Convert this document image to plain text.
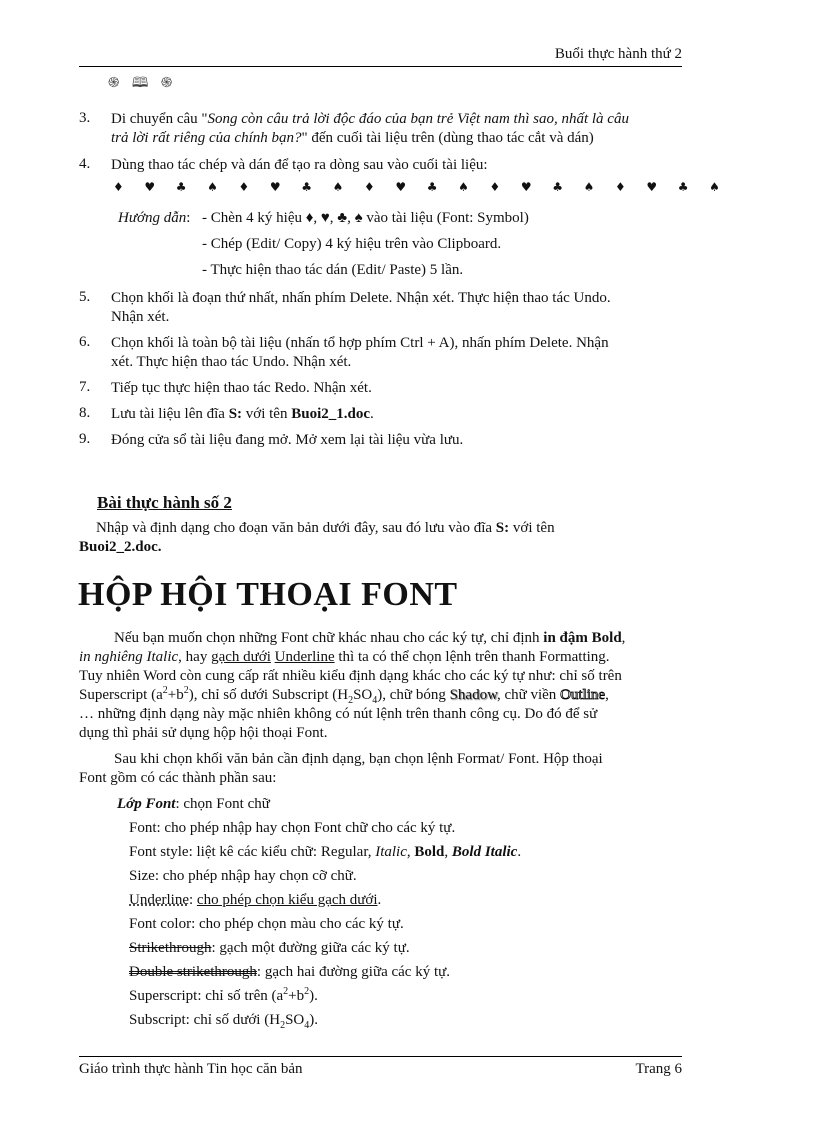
Buổi thực hành thứ 2
֍ 🕮 ֍
3. Di chuyển câu "Song còn câu trả lời độc đáo của bạn trẻ Việt nam thì sao, nhất là câu
trả lời rất riêng của chính bạn?" đến cuối tài liệu trên (dùng thao tác cắt và dán)
4. Dùng thao tác chép và dán để tạo ra dòng sau vào cuối tài liệu:
♦ ♥ ♣ ♠ ♦ ♥ ♣ ♠ ♦ ♥ ♣ ♠ ♦ ♥ ♣ ♠ ♦ ♥ ♣ ♠
Hướng dẫn: - Chèn 4 ký hiệu ♦, ♥, ♣, ♠ vào tài liệu (Font: Symbol)
- Chép (Edit/ Copy) 4 ký hiệu trên vào Clipboard.
- Thực hiện thao tác dán (Edit/ Paste) 5 lần.
5. Chọn khối là đoạn thứ nhất, nhấn phím Delete. Nhận xét. Thực hiện thao tác Undo.
Nhận xét.
6. Chọn khối là toàn bộ tài liệu (nhấn tổ hợp phím Ctrl + A), nhấn phím Delete. Nhận
xét. Thực hiện thao tác Undo. Nhận xét.
7. Tiếp tục thực hiện thao tác Redo. Nhận xét.
8. Lưu tài liệu lên đĩa S: với tên Buoi2_1.doc.
9. Đóng cửa sổ tài liệu đang mở. Mở xem lại tài liệu vừa lưu.
Bài thực hành số 2
Nhập và định dạng cho đoạn văn bản dưới đây, sau đó lưu vào đĩa S: với tên
Buoi2_2.doc.
HỘP HỘI THOẠI FONT
Nếu bạn muốn chọn những Font chữ khác nhau cho các ký tự, chỉ định in đậm Bold,
in nghiêng Italic, hay gạch dưới Underline thì ta có thể chọn lệnh trên thanh Formatting.
Tuy nhiên Word còn cung cấp rất nhiều kiểu định dạng khác cho các ký tự như: chỉ số trên
Superscript $(a^2+b^2)$, chỉ số dưới Subscript $(H_2SO_4)$, chữ bóng Shadow, chữ viền Outline,
… những định dạng này mặc nhiên không có nút lệnh trên thanh công cụ. Do đó để sử
dụng thì phải sử dụng hộp hội thoại Font.
Sau khi chọn khối văn bản cần định dạng, bạn chọn lệnh Format/ Font. Hộp thoại
Font gồm có các thành phần sau:
Lớp Font: chọn Font chữ
Font: cho phép nhập hay chọn Font chữ cho các ký tự.
Font style: liệt kê các kiểu chữ: Regular, Italic, Bold, Bold Italic.
Size: cho phép nhập hay chọn cỡ chữ.
Underline: cho phép chọn kiểu gạch dưới.
Font color: cho phép chọn màu cho các ký tự.
Strikethrough: gạch một đường giữa các ký tự.
Double strikethrough: gạch hai đường giữa các ký tự.
Superscript: chỉ số trên $(a^2+b^2)$.
Subscript: chỉ số dưới $(H_2SO_4)$.
Giáo trình thực hành Tin học căn bản	Trang 6
